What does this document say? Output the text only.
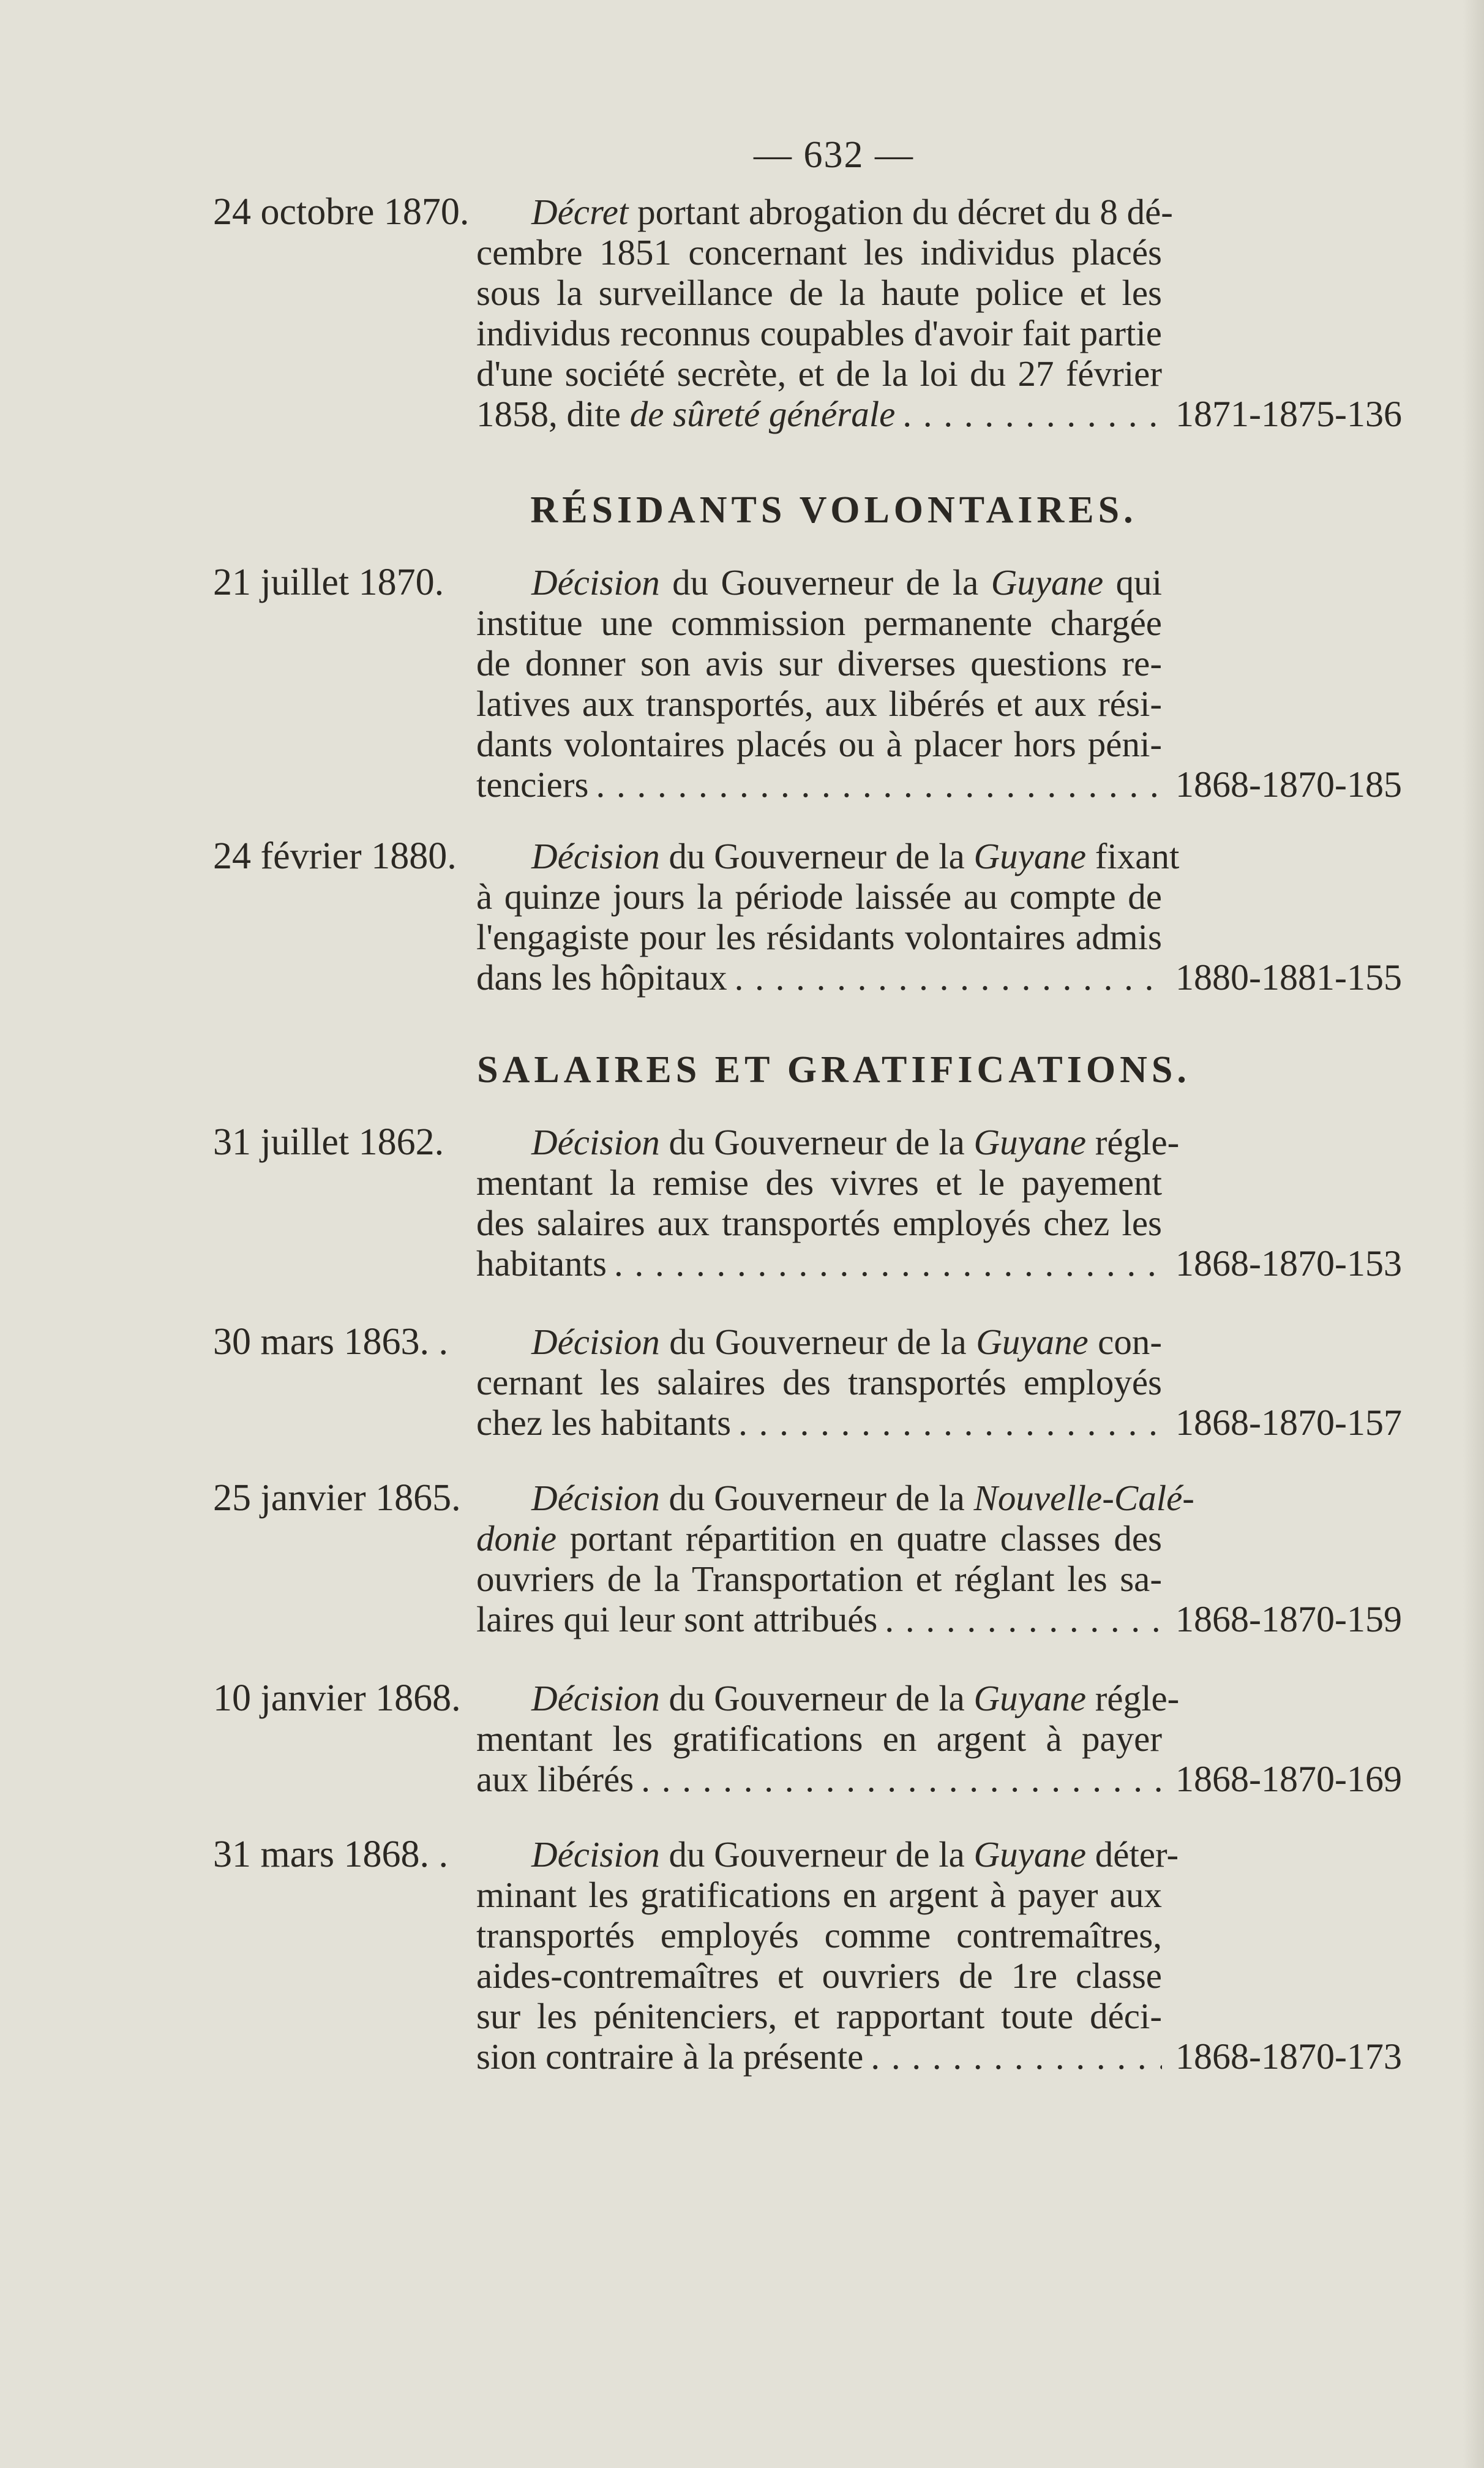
— 632 —
24 octobre 1870.	Décret portant abrogation du décret du 8 dé-
cembre 1851 concernant les individus placés
sous la surveillance de la haute police et les
individus reconnus coupables d'avoir fait partie
d'une société secrète, et de la loi du 27 février
1858, dite de sûreté générale . . .	1871-1875-136
RÉSIDANTS VOLONTAIRES.
21 juillet 1870.	Décision du Gouverneur de la Guyane qui
institue une commission permanente chargée
de donner son avis sur diverses questions re-
latives aux transportés, aux libérés et aux rési-
dants volontaires placés ou à placer hors péni-
tenciers . . .	1868-1870-185
24 février 1880.	Décision du Gouverneur de la Guyane fixant
à quinze jours la période laissée au compte de
l'engagiste pour les résidants volontaires admis
dans les hôpitaux . . .	1880-1881-155
SALAIRES ET GRATIFICATIONS.
31 juillet 1862.	Décision du Gouverneur de la Guyane régle-
mentant la remise des vivres et le payement
des salaires aux transportés employés chez les
habitants . . .	1868-1870-153
30 mars 1863. .	Décision du Gouverneur de la Guyane con-
cernant les salaires des transportés employés
chez les habitants . . .	1868-1870-157
25 janvier 1865.	Décision du Gouverneur de la Nouvelle-Calé-
donie portant répartition en quatre classes des
ouvriers de la Transportation et réglant les sa-
laires qui leur sont attribués . . .	1868-1870-159
10 janvier 1868.	Décision du Gouverneur de la Guyane régle-
mentant les gratifications en argent à payer
aux libérés . . .	1868-1870-169
31 mars 1868. .	Décision du Gouverneur de la Guyane déter-
minant les gratifications en argent à payer aux
transportés employés comme contremaîtres,
aides-contremaîtres et ouvriers de 1re classe
sur les pénitenciers, et rapportant toute déci-
sion contraire à la présente . . .	1868-1870-173
